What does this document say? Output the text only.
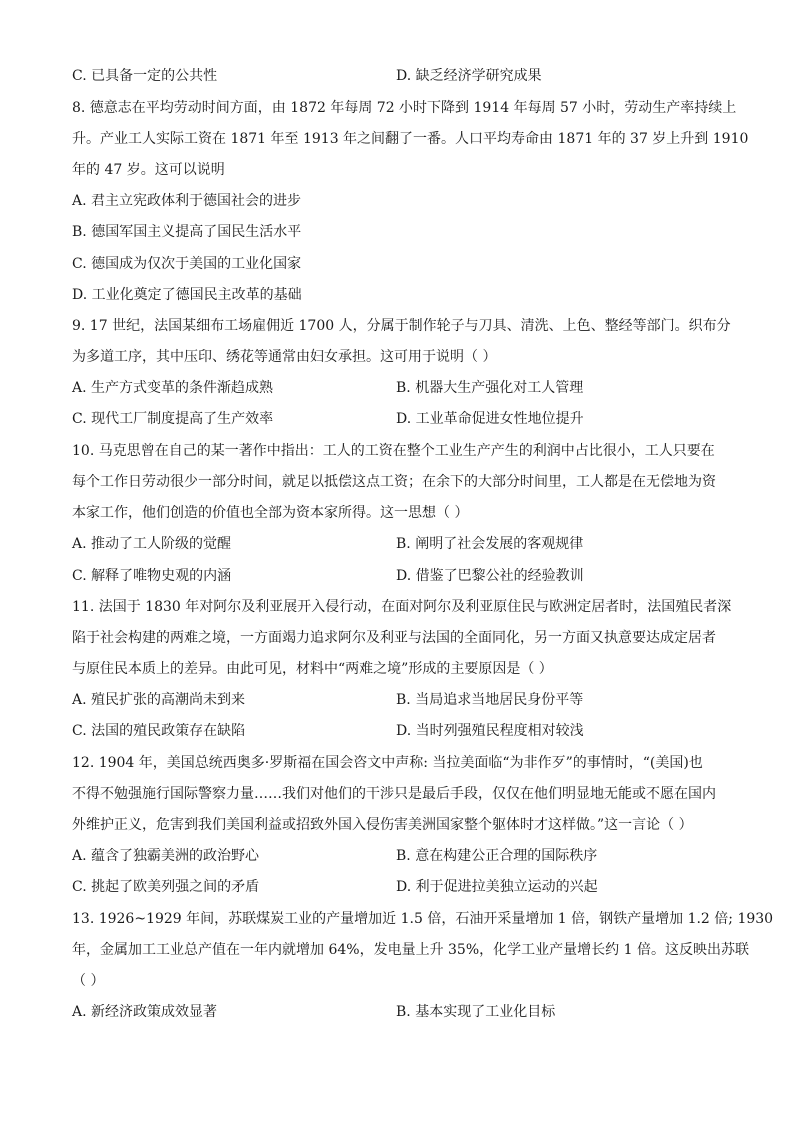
C. 已具备一定的公共性	D. 缺乏经济学研究成果
8. 德意志在平均劳动时间方面，由 1872 年每周 72 小时下降到 1914 年每周 57 小时，劳动生产率持续上
升。产业工人实际工资在 1871 年至 1913 年之间翻了一番。人口平均寿命由 1871 年的 37 岁上升到 1910
年的 47 岁。这可以说明
A. 君主立宪政体利于德国社会的进步
B. 德国军国主义提高了国民生活水平
C. 德国成为仅次于美国的工业化国家
D. 工业化奠定了德国民主改革的基础
9. 17 世纪，法国某细布工场雇佣近 1700 人，分属于制作轮子与刀具、清洗、上色、整经等部门。织布分
为多道工序，其中压印、绣花等通常由妇女承担。这可用于说明（ ）
A. 生产方式变革的条件渐趋成熟	B. 机器大生产强化对工人管理
C. 现代工厂制度提高了生产效率	D. 工业革命促进女性地位提升
10. 马克思曾在自己的某一著作中指出：工人的工资在整个工业生产产生的利润中占比很小，工人只要在
每个工作日劳动很少一部分时间，就足以抵偿这点工资；在余下的大部分时间里，工人都是在无偿地为资
本家工作，他们创造的价值也全部为资本家所得。这一思想（ ）
A. 推动了工人阶级的觉醒	B. 阐明了社会发展的客观规律
C. 解释了唯物史观的内涵	D. 借鉴了巴黎公社的经验教训
11. 法国于 1830 年对阿尔及利亚展开入侵行动，在面对阿尔及利亚原住民与欧洲定居者时，法国殖民者深
陷于社会构建的两难之境，一方面竭力追求阿尔及利亚与法国的全面同化，另一方面又执意要达成定居者
与原住民本质上的差异。由此可见，材料中“两难之境”形成的主要原因是（ ）
A. 殖民扩张的高潮尚未到来	B. 当局追求当地居民身份平等
C. 法国的殖民政策存在缺陷	D. 当时列强殖民程度相对较浅
12. 1904 年，美国总统西奥多·罗斯福在国会咨文中声称: 当拉美面临“为非作歹”的事情时，“(美国)也
不得不勉强施行国际警察力量……我们对他们的干涉只是最后手段，仅仅在他们明显地无能或不愿在国内
外维护正义，危害到我们美国利益或招致外国入侵伤害美洲国家整个躯体时才这样做。”这一言论（ ）
A. 蕴含了独霸美洲的政治野心	B. 意在构建公正合理的国际秩序
C. 挑起了欧美列强之间的矛盾	D. 利于促进拉美独立运动的兴起
13. 1926~1929 年间，苏联煤炭工业的产量增加近 1.5 倍，石油开采量增加 1 倍，钢铁产量增加 1.2 倍; 1930
年，金属加工工业总产值在一年内就增加 64%，发电量上升 35%，化学工业产量增长约 1 倍。这反映出苏联
（ ）
A. 新经济政策成效显著	B. 基本实现了工业化目标
